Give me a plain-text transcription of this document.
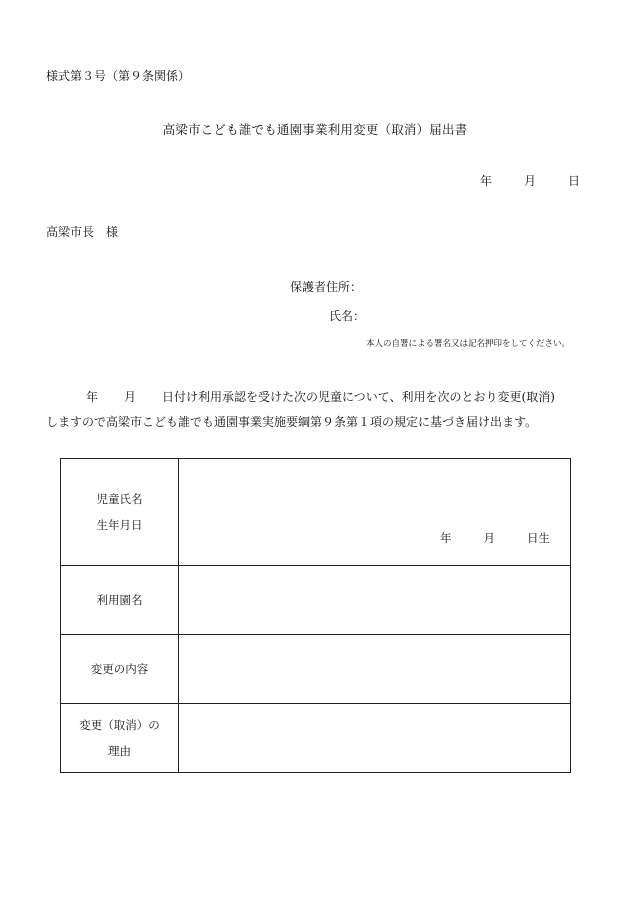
様式第３号（第９条関係）
高梁市こども誰でも通園事業利用変更（取消）届出書
年	月	日
高梁市長　様
保護者住所：
氏名：
本人の自署による署名又は記名押印をしてください。
年 月 日付け利用承認を受けた次の児童について、利用を次のとおり変更(取消)
しますので高梁市こども誰でも通園事業実施要綱第９条第１項の規定に基づき届け出ます。
児童氏名
生年月日	年 月 日生

利用園名	
変更の内容	

変更（取消）の
理由	
